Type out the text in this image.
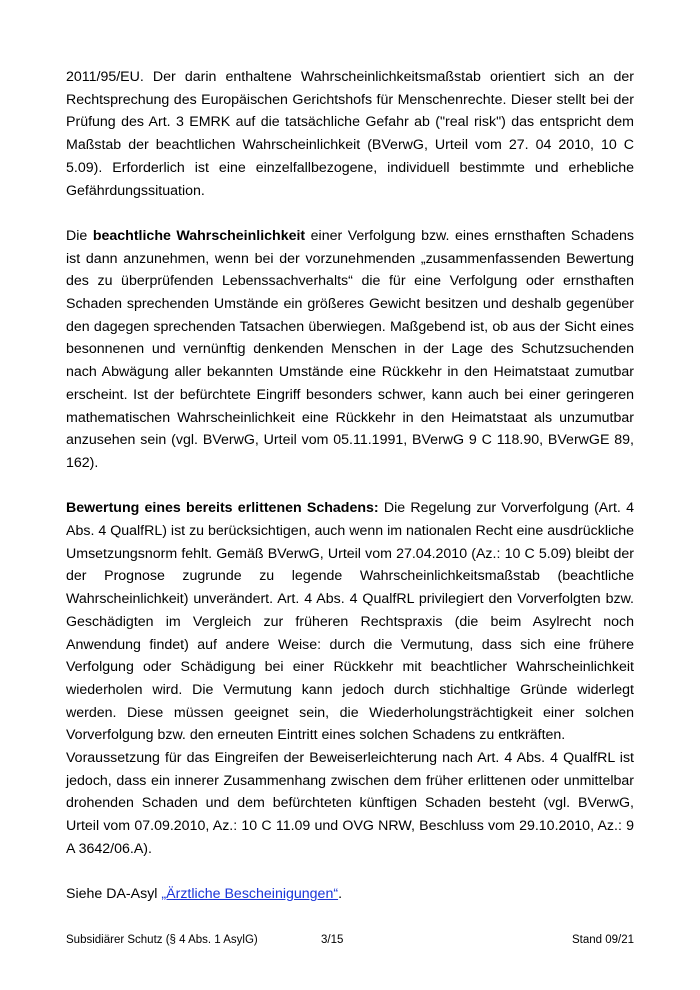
2011/95/EU. Der darin enthaltene Wahrscheinlichkeitsmaßstab orientiert sich an der Rechtsprechung des Europäischen Gerichtshofs für Menschenrechte. Dieser stellt bei der Prüfung des Art. 3 EMRK auf die tatsächliche Gefahr ab ("real risk") das entspricht dem Maßstab der beachtlichen Wahrscheinlichkeit (BVerwG, Urteil vom 27. 04 2010, 10 C 5.09). Erforderlich ist eine einzelfallbezogene, individuell bestimmte und erhebliche Gefährdungssituation.

Die beachtliche Wahrscheinlichkeit einer Verfolgung bzw. eines ernsthaften Schadens ist dann anzunehmen, wenn bei der vorzunehmenden „zusammenfassenden Bewertung des zu überprüfenden Lebenssachverhalts“ die für eine Verfolgung oder ernsthaften Schaden sprechenden Umstände ein größeres Gewicht besitzen und deshalb gegenüber den dagegen sprechenden Tatsachen überwiegen. Maßgebend ist, ob aus der Sicht eines besonnenen und vernünftig denkenden Menschen in der Lage des Schutzsuchenden nach Abwägung aller bekannten Umstände eine Rückkehr in den Heimatstaat zumutbar erscheint. Ist der befürchtete Eingriff besonders schwer, kann auch bei einer geringeren mathematischen Wahrscheinlichkeit eine Rückkehr in den Heimatstaat als unzumutbar anzusehen sein (vgl. BVerwG, Urteil vom 05.11.1991, BVerwG 9 C 118.90, BVerwGE 89, 162).

Bewertung eines bereits erlittenen Schadens: Die Regelung zur Vorverfolgung (Art. 4 Abs. 4 QualfRL) ist zu berücksichtigen, auch wenn im nationalen Recht eine ausdrückliche Umsetzungsnorm fehlt. Gemäß BVerwG, Urteil vom 27.04.2010 (Az.: 10 C 5.09) bleibt der der Prognose zugrunde zu legende Wahrscheinlichkeitsmaßstab (beachtliche Wahrscheinlichkeit) unverändert. Art. 4 Abs. 4 QualfRL privilegiert den Vorverfolgten bzw. Geschädigten im Vergleich zur früheren Rechtspraxis (die beim Asylrecht noch Anwendung findet) auf andere Weise: durch die Vermutung, dass sich eine frühere Verfolgung oder Schädigung bei einer Rückkehr mit beachtlicher Wahrscheinlichkeit wiederholen wird. Die Vermutung kann jedoch durch stichhaltige Gründe widerlegt werden. Diese müssen geeignet sein, die Wiederholungsträchtigkeit einer solchen Vorverfolgung bzw. den erneuten Eintritt eines solchen Schadens zu entkräften.

Voraussetzung für das Eingreifen der Beweiserleichterung nach Art. 4 Abs. 4 QualfRL ist jedoch, dass ein innerer Zusammenhang zwischen dem früher erlittenen oder unmittelbar drohenden Schaden und dem befürchteten künftigen Schaden besteht (vgl. BVerwG, Urteil vom 07.09.2010, Az.: 10 C 11.09 und OVG NRW, Beschluss vom 29.10.2010, Az.: 9 A 3642/06.A).

Siehe DA-Asyl „Ärztliche Bescheinigungen“.

Subsidiärer Schutz (§ 4 Abs. 1 AsylG)	3/15	Stand 09/21
